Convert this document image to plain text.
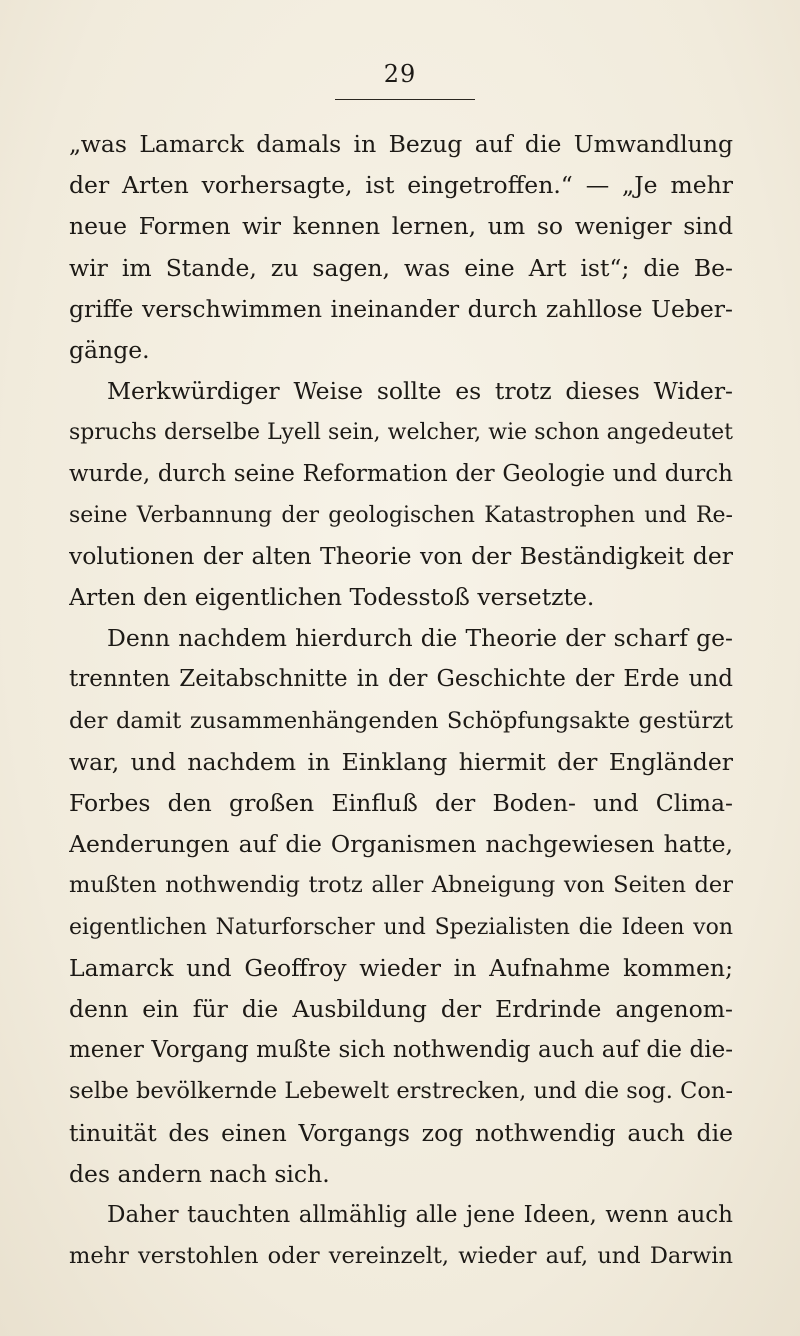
29
„was Lamarck damals in Bezug auf die Umwandlung
der Arten vorhersagte, ist eingetroffen.“ — „Je mehr
neue Formen wir kennen lernen, um so weniger sind
wir im Stande, zu sagen, was eine Art ist“; die Be-
griffe verschwimmen ineinander durch zahllose Ueber-
gänge.
Merkwürdiger Weise sollte es trotz dieses Wider-
spruchs derselbe Lyell sein, welcher, wie schon angedeutet
wurde, durch seine Reformation der Geologie und durch
seine Verbannung der geologischen Katastrophen und Re-
volutionen der alten Theorie von der Beständigkeit der
Arten den eigentlichen Todesstoß versetzte.
Denn nachdem hierdurch die Theorie der scharf ge-
trennten Zeitabschnitte in der Geschichte der Erde und
der damit zusammenhängenden Schöpfungsakte gestürzt
war, und nachdem in Einklang hiermit der Engländer
Forbes den großen Einfluß der Boden- und Clima-
Aenderungen auf die Organismen nachgewiesen hatte,
mußten nothwendig trotz aller Abneigung von Seiten der
eigentlichen Naturforscher und Spezialisten die Ideen von
Lamarck und Geoffroy wieder in Aufnahme kommen;
denn ein für die Ausbildung der Erdrinde angenom-
mener Vorgang mußte sich nothwendig auch auf die die-
selbe bevölkernde Lebewelt erstrecken, und die sog. Con-
tinuität des einen Vorgangs zog nothwendig auch die
des andern nach sich.
Daher tauchten allmählig alle jene Ideen, wenn auch
mehr verstohlen oder vereinzelt, wieder auf, und Darwin
